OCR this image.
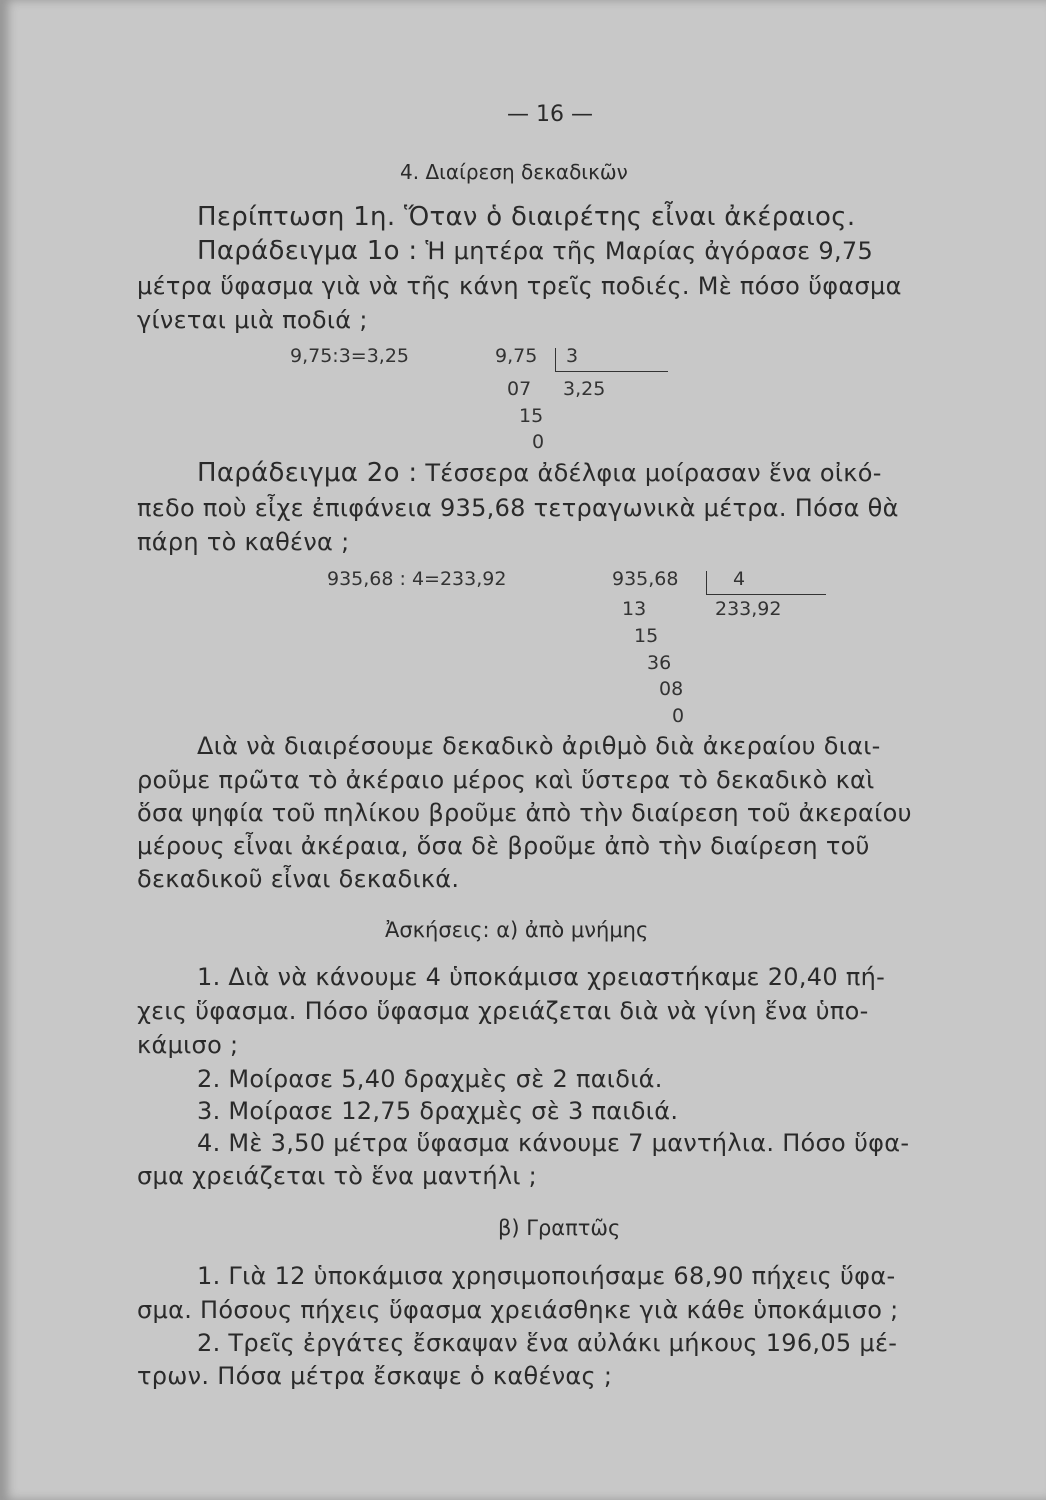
— 16 —
4. Διαίρεση δεκαδικῶν
Περίπτωση 1η. Ὅταν ὁ διαιρέτης εἶναι ἀκέραιος.
Παράδειγμα 1ο : Ἡ μητέρα τῆς Μαρίας ἀγόρασε 9,75
μέτρα ὕφασμα γιὰ νὰ τῆς κάνη τρεῖς ποδιές. Μὲ πόσο ὕφασμα
γίνεται μιὰ ποδιά ;
9,75:3=3,25	9,75 3
3,25
07
15
0
Παράδειγμα 2ο : Τέσσερα ἀδέλφια μοίρασαν ἕνα οἰκό-
πεδο ποὺ εἶχε ἐπιφάνεια 935,68 τετραγωνικὰ μέτρα. Πόσα θὰ
πάρη τὸ καθένα ;
935,68 : 4=233,92	935,68	4
233,92
13
15
36
08
0
Διὰ νὰ διαιρέσουμε δεκαδικὸ ἀριθμὸ διὰ ἀκεραίου διαι-
ροῦμε πρῶτα τὸ ἀκέραιο μέρος καὶ ὕστερα τὸ δεκαδικὸ καὶ
ὅσα ψηφία τοῦ πηλίκου βροῦμε ἀπὸ τὴν διαίρεση τοῦ ἀκεραίου
μέρους εἶναι ἀκέραια, ὅσα δὲ βροῦμε ἀπὸ τὴν διαίρεση τοῦ
δεκαδικοῦ εἶναι δεκαδικά.
Ἀσκήσεις: α) ἀπὸ μνήμης
1. Διὰ νὰ κάνουμε 4 ὑποκάμισα χρειαστήκαμε 20,40 πή-
χεις ὕφασμα. Πόσο ὕφασμα χρειάζεται διὰ νὰ γίνη ἕνα ὑπο-
κάμισο ;
2. Μοίρασε 5,40 δραχμὲς σὲ 2 παιδιά.
3. Μοίρασε 12,75 δραχμὲς σὲ 3 παιδιά.
4. Μὲ 3,50 μέτρα ὕφασμα κάνουμε 7 μαντήλια. Πόσο ὕφα-
σμα χρειάζεται τὸ ἕνα μαντήλι ;
β) Γραπτῶς
1. Γιὰ 12 ὑποκάμισα χρησιμοποιήσαμε 68,90 πήχεις ὕφα-
σμα. Πόσους πήχεις ὕφασμα χρειάσθηκε γιὰ κάθε ὑποκάμισο ;
2. Τρεῖς ἐργάτες ἔσκαψαν ἕνα αὐλάκι μήκους 196,05 μέ-
τρων. Πόσα μέτρα ἔσκαψε ὁ καθένας ;
